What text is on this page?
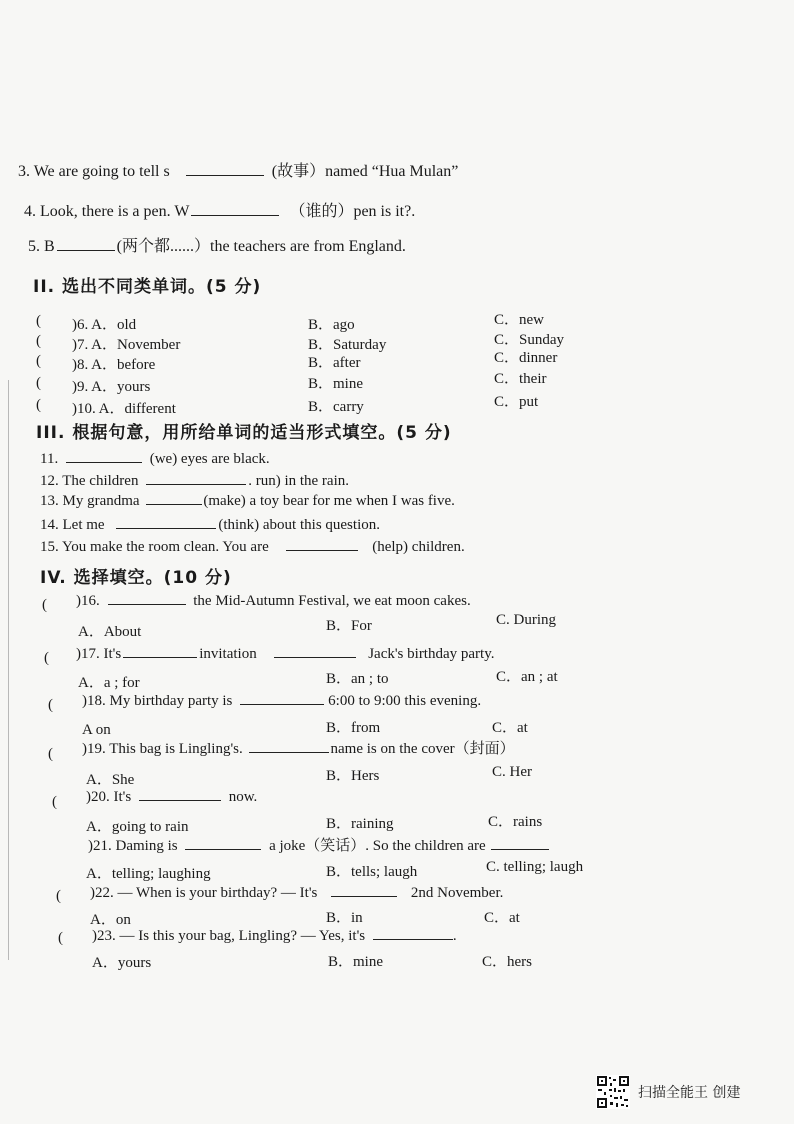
3. We are going to tell s	(故事）named “Hua Mulan”
4. Look, there is a pen. W	（谁的）pen is it?.
5. B	(两个都......）the teachers are from England.
II. 选出不同类单词。(5 分)
( )6. A．old	B．ago	C．new
( )7. A．November	B．Saturday	C．Sunday
( )8. A．before	B．after	C．dinner
( )9. A．yours	B．mine	C．their
( )10. A．different	B．carry	C．put
III. 根据句意，用所给单词的适当形式填空。(5 分)
11.	(we) eyes are black.
12. The children	. run) in the rain.
13. My grandma	(make) a toy bear for me when I was five.
14. Let me	(think) about this question.
15. You make the room clean. You are	(help) children.
IV. 选择填空。(10 分)
( )16.	the Mid-Autumn Festival, we eat moon cakes.
A．About	B．For	C. During
( )17. It's	invitation	Jack's birthday party.
A．a ; for	B．an ; to	C．an ; at
( )18. My birthday party is	6:00 to 9:00 this evening.
A on	B．from	C．at
( )19. This bag is Lingling's.	name is on the cover（封面）
A．She	B．Hers	C. Her
( )20. It's	now.
A．going to rain	B．raining	C．rains
)21. Daming is	a joke（笑话）. So the children are
A．telling; laughing	B．tells; laugh	C. telling; laugh
( )22. — When is your birthday? — It's	2nd November.
A．on	B．in	C．at
( )23. — Is this your bag, Lingling? — Yes, it's	.
A．yours	B．mine	C．hers
扫描全能王 创建
